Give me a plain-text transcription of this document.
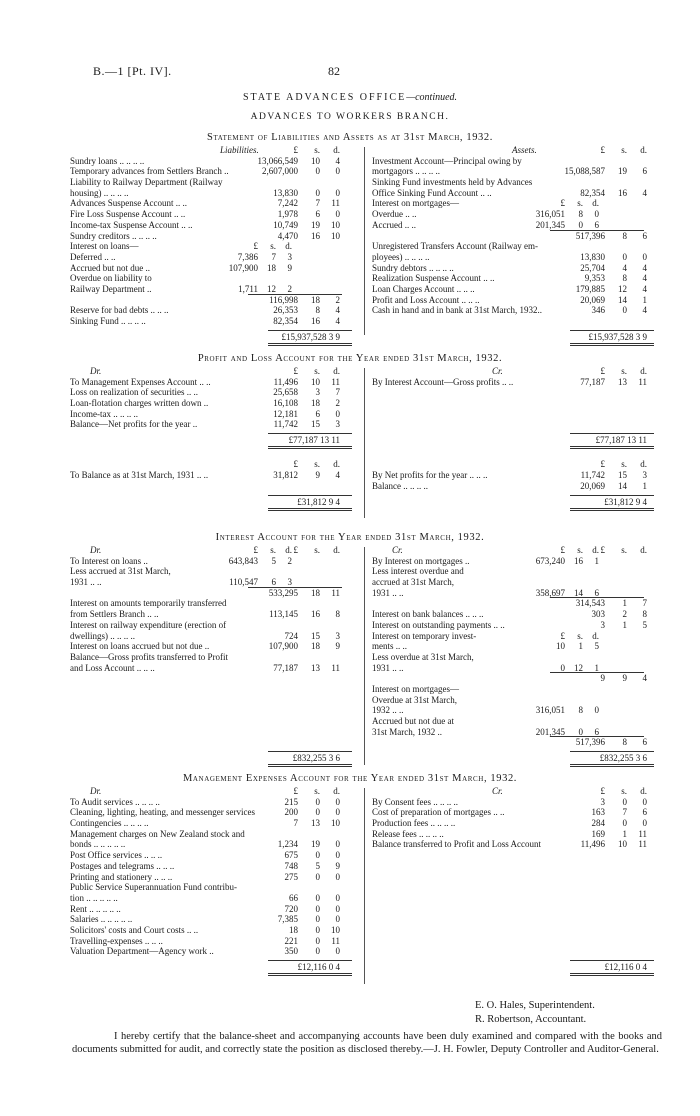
B.—1 [Pt. IV].	82
STATE ADVANCES OFFICE—continued.
ADVANCES TO WORKERS BRANCH.
Statement of Liabilities and Assets as at 31st March, 1932.
Liabilities.	£ s. d.
Sundry loans .. .. .. ..	13,066,549 10 4
Temporary advances from Settlers Branch ..	2,607,000 0 0
Liability to Railway Department (Railway
housing) .. .. .. ..	13,830 0 0
Advances Suspense Account .. ..	7,242 7 11
Fire Loss Suspense Account .. ..	1,978 6 0
Income-tax Suspense Account .. ..	10,749 19 10
Sundry creditors .. .. .. ..	4,470 16 10
Interest on loans—	£ s. d.
Deferred .. ..	7,386 7 3
Accrued but not due ..	107,900 18 9
Overdue on liability to
Railway Department ..	1,711 12 2
116,998 18 2
Reserve for bad debts .. .. ..	26,353 8 4
Sinking Fund .. .. .. ..	82,354 16 4
£15,937,528 3 9
Assets.	£ s. d.
Investment Account—Principal owing by
mortgagors .. .. .. ..	15,088,587 19 6
Sinking Fund investments held by Advances
Office Sinking Fund Account .. ..	82,354 16 4
Interest on mortgages—	£ s. d.
Overdue .. ..	316,051 8 0
Accrued .. ..	201,345 0 6
517,396 8 6
Unregistered Transfers Account (Railway em-
ployees) .. .. .. ..	13,830 0 0
Sundry debtors .. .. .. ..	25,704 4 4
Realization Suspense Account .. ..	9,353 8 4
Loan Charges Account .. .. ..	179,885 12 4
Profit and Loss Account .. .. ..	20,069 14 1
Cash in hand and in bank at 31st March, 1932..	346 0 4
£15,937,528 3 9
Profit and Loss Account for the Year ended 31st March, 1932.
Dr.	£ s. d.
To Management Expenses Account .. ..	11,496 10 11
Loss on realization of securities .. ..	25,658 3 7
Loan-flotation charges written down ..	16,108 18 2
Income-tax .. .. .. ..	12,181 6 0
Balance—Net profits for the year ..	11,742 15 3
£77,187 13 11
£ s. d.
To Balance as at 31st March, 1931 .. ..	31,812 9 4
£31,812 9 4
Cr.	£ s. d.
By Interest Account—Gross profits .. ..	77,187 13 11
£77,187 13 11
£ s. d.
By Net profits for the year .. .. ..	11,742 15 3
Balance .. .. .. ..	20,069 14 1
£31,812 9 4
Interest Account for the Year ended 31st March, 1932.
Dr.	£ s. d.
£ s. d.
To Interest on loans ..	643,843 5 2
Less accrued at 31st March,
1931 .. ..	110,547 6 3
533,295 18 11
Interest on amounts temporarily transferred
from Settlers Branch .. ..	113,145 16 8
Interest on railway expenditure (erection of
dwellings) .. .. .. ..	724 15 3
Interest on loans accrued but not due ..	107,900 18 9
Balance—Gross profits transferred to Profit
and Loss Account .. .. ..	77,187 13 11
£832,255 3 6
Cr.	£ s. d.
£ s. d.
By Interest on mortgages ..	673,240 16 1
Less interest overdue and
accrued at 31st March,
1931 .. ..	358,697 14 6
314,543 1 7
Interest on bank balances .. .. ..	303 2 8
Interest on outstanding payments .. ..	3 1 5
Interest on temporary invest-	£ s. d.
ments .. ..	10 1 5
Less overdue at 31st March,
1931 .. ..	0 12 1
9 9 4
Interest on mortgages—
Overdue at 31st March,
1932 .. ..	316,051 8 0
Accrued but not due at
31st March, 1932 ..	201,345 0 6
517,396 8 6
£832,255 3 6
Management Expenses Account for the Year ended 31st March, 1932.
Dr.	£ s. d.
To Audit services .. .. .. ..	215 0 0
Cleaning, lighting, heating, and messenger services	200 0 0
Contingencies .. .. .. ..	7 13 10
Management charges on New Zealand stock and
bonds .. .. .. .. ..	1,234 19 0
Post Office services .. .. ..	675 0 0
Postages and telegrams .. .. ..	748 5 9
Printing and stationery .. .. ..	275 0 0
Public Service Superannuation Fund contribu-
tion .. .. .. .. ..	66 0 0
Rent .. .. .. .. ..	720 0 0
Salaries .. .. .. .. ..	7,385 0 0
Solicitors' costs and Court costs .. ..	18 0 10
Travelling-expenses .. .. ..	221 0 11
Valuation Department—Agency work ..	350 0 0
£12,116 0 4
Cr.	£ s. d.
By Consent fees .. .. .. ..	3 0 0
Cost of preparation of mortgages .. ..	163 7 6
Production fees .. .. .. ..	284 0 0
Release fees .. .. .. ..	169 1 11
Balance transferred to Profit and Loss Account	11,496 10 11
£12,116 0 4
E. O. Hales, Superintendent.
R. Robertson, Accountant.
I hereby certify that the balance-sheet and accompanying accounts have been duly examined and compared with the books and documents submitted for audit, and correctly state the position as disclosed thereby.—J. H. Fowler, Deputy Controller and Auditor-General.
